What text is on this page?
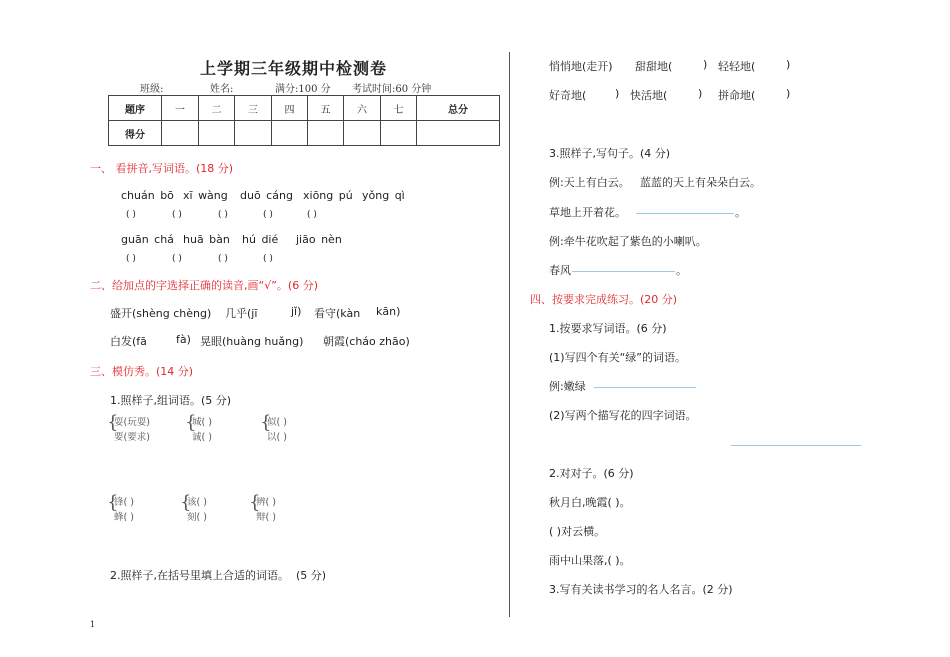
上学期三年级期中检测卷
班级:	姓名:	满分:100 分 考试时间:60 分钟
题序	一	二	三	四	五	六	七	总分
得分								
一、 看拼音,写词语。(18 分)
chuán bō xī wàng duō cáng xiōng pú yǒng qì
( )	( )	( )	( )	( )
guān chá huā bàn hú dié jiāo nèn
( )	( )	( )	( )
二、给加点的字选择正确的读音,画“√”。(6 分)
盛开(shèng chèng) 几乎(jī	jǐ) 看守(kàn kān)
白发(fā	fà) 晃眼(huàng huǎng) 朝霞(cháo zhāo)
三、模仿秀。(14 分)
1.照样子,组词语。(5 分)
{
耍(玩耍)
要(要求)
{
城( )
诚( )
{
似( )
以( )
{
锋( )
蜂( )
{
该( )
刻( )
{
辨( )
辩( )
2.照样子,在括号里填上合适的词语。 (5 分)
悄悄地(走开) 甜甜地(	) 轻轻地(	)
好奇地(	) 快活地(	) 拼命地(	)
3.照样子,写句子。(4 分)
例:天上有白云。 蓝蓝的天上有朵朵白云。
草地上开着花。	。
例:牵牛花吹起了紫色的小喇叭。
春风	。
四、按要求完成练习。(20 分)
1.按要求写词语。(6 分)
(1)写四个有关“绿”的词语。
例:嫩绿
(2)写两个描写花的四字词语。
2.对对子。(6 分)
秋月白,晚霞( )。
( )对云横。
雨中山果落,( )。
3.写有关读书学习的名人名言。(2 分)
1
